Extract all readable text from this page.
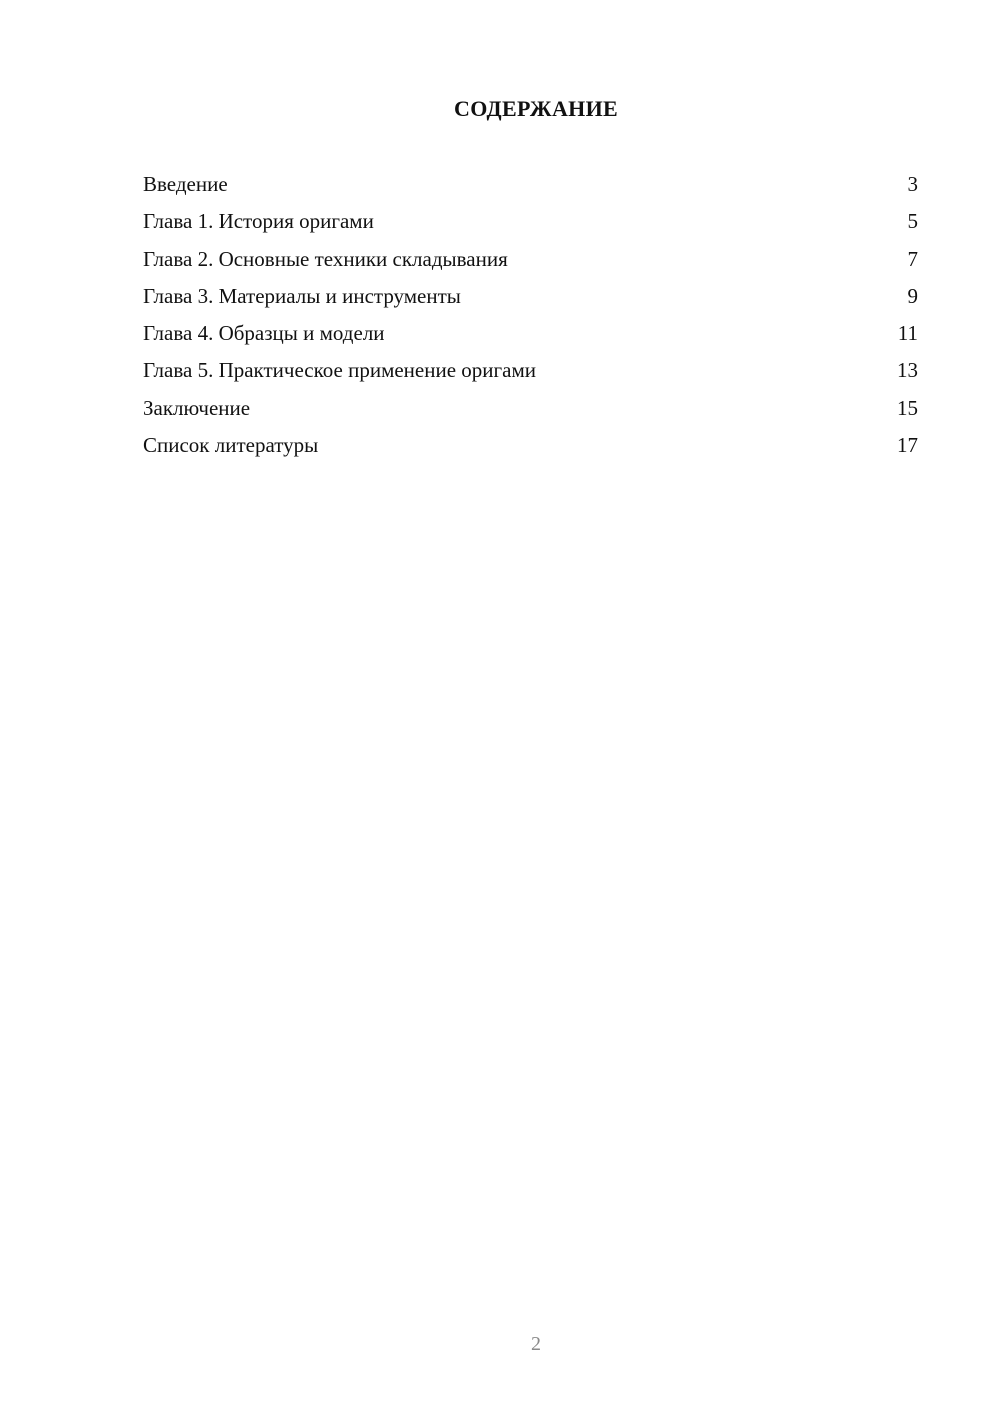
СОДЕРЖАНИЕ
Введение	3
Глава 1. История оригами	5
Глава 2. Основные техники складывания	7
Глава 3. Материалы и инструменты	9
Глава 4. Образцы и модели	11
Глава 5. Практическое применение оригами	13
Заключение	15
Список литературы	17
2
